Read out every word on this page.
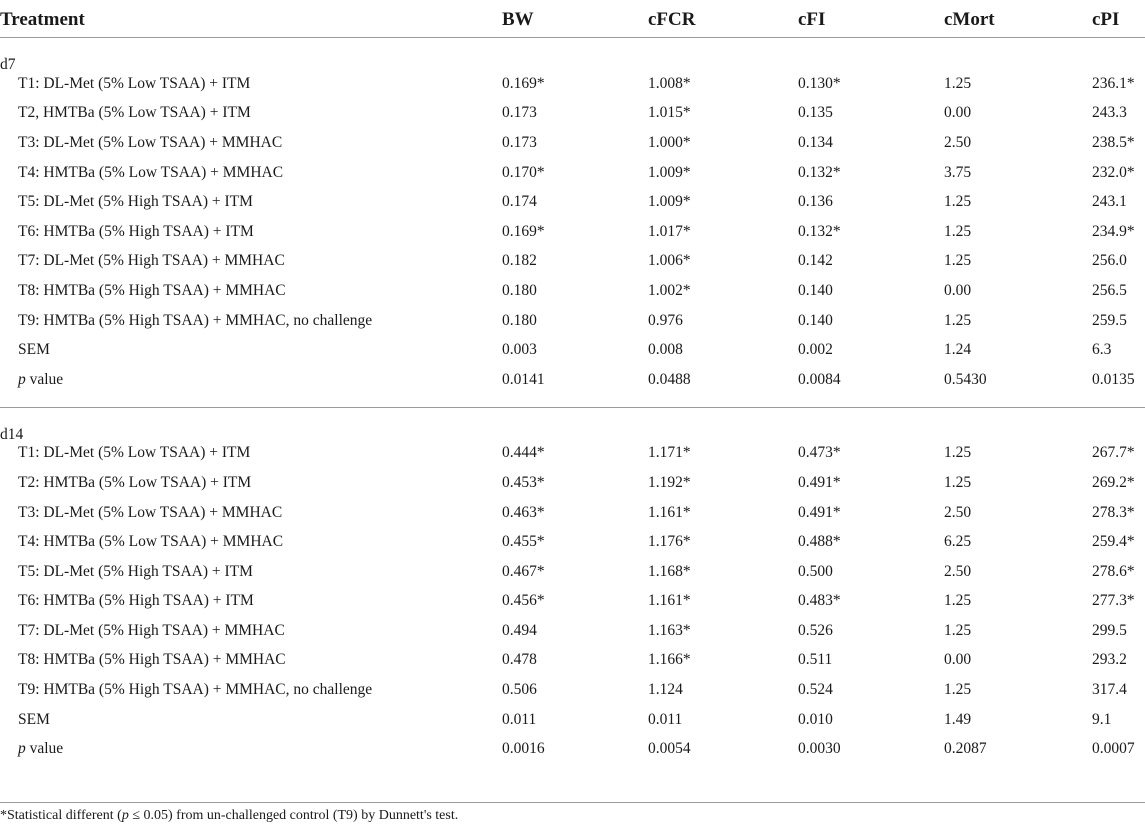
Treatment	BW	cFCR	cFI	cMort	cPI
d7
T1: DL-Met (5% Low TSAA) + ITM	0.169*	1.008*	0.130*	1.25	236.1*
T2, HMTBa (5% Low TSAA) + ITM	0.173	1.015*	0.135	0.00	243.3
T3: DL-Met (5% Low TSAA) + MMHAC	0.173	1.000*	0.134	2.50	238.5*
T4: HMTBa (5% Low TSAA) + MMHAC	0.170*	1.009*	0.132*	3.75	232.0*
T5: DL-Met (5% High TSAA) + ITM	0.174	1.009*	0.136	1.25	243.1
T6: HMTBa (5% High TSAA) + ITM	0.169*	1.017*	0.132*	1.25	234.9*
T7: DL-Met (5% High TSAA) + MMHAC	0.182	1.006*	0.142	1.25	256.0
T8: HMTBa (5% High TSAA) + MMHAC	0.180	1.002*	0.140	0.00	256.5
T9: HMTBa (5% High TSAA) + MMHAC, no challenge	0.180	0.976	0.140	1.25	259.5
SEM	0.003	0.008	0.002	1.24	6.3
p value	0.0141	0.0488	0.0084	0.5430	0.0135
d14
T1: DL-Met (5% Low TSAA) + ITM	0.444*	1.171*	0.473*	1.25	267.7*
T2: HMTBa (5% Low TSAA) + ITM	0.453*	1.192*	0.491*	1.25	269.2*
T3: DL-Met (5% Low TSAA) + MMHAC	0.463*	1.161*	0.491*	2.50	278.3*
T4: HMTBa (5% Low TSAA) + MMHAC	0.455*	1.176*	0.488*	6.25	259.4*
T5: DL-Met (5% High TSAA) + ITM	0.467*	1.168*	0.500	2.50	278.6*
T6: HMTBa (5% High TSAA) + ITM	0.456*	1.161*	0.483*	1.25	277.3*
T7: DL-Met (5% High TSAA) + MMHAC	0.494	1.163*	0.526	1.25	299.5
T8: HMTBa (5% High TSAA) + MMHAC	0.478	1.166*	0.511	0.00	293.2
T9: HMTBa (5% High TSAA) + MMHAC, no challenge	0.506	1.124	0.524	1.25	317.4
SEM	0.011	0.011	0.010	1.49	9.1
p value	0.0016	0.0054	0.0030	0.2087	0.0007
*Statistical different (p ≤ 0.05) from un-challenged control (T9) by Dunnett's test.
